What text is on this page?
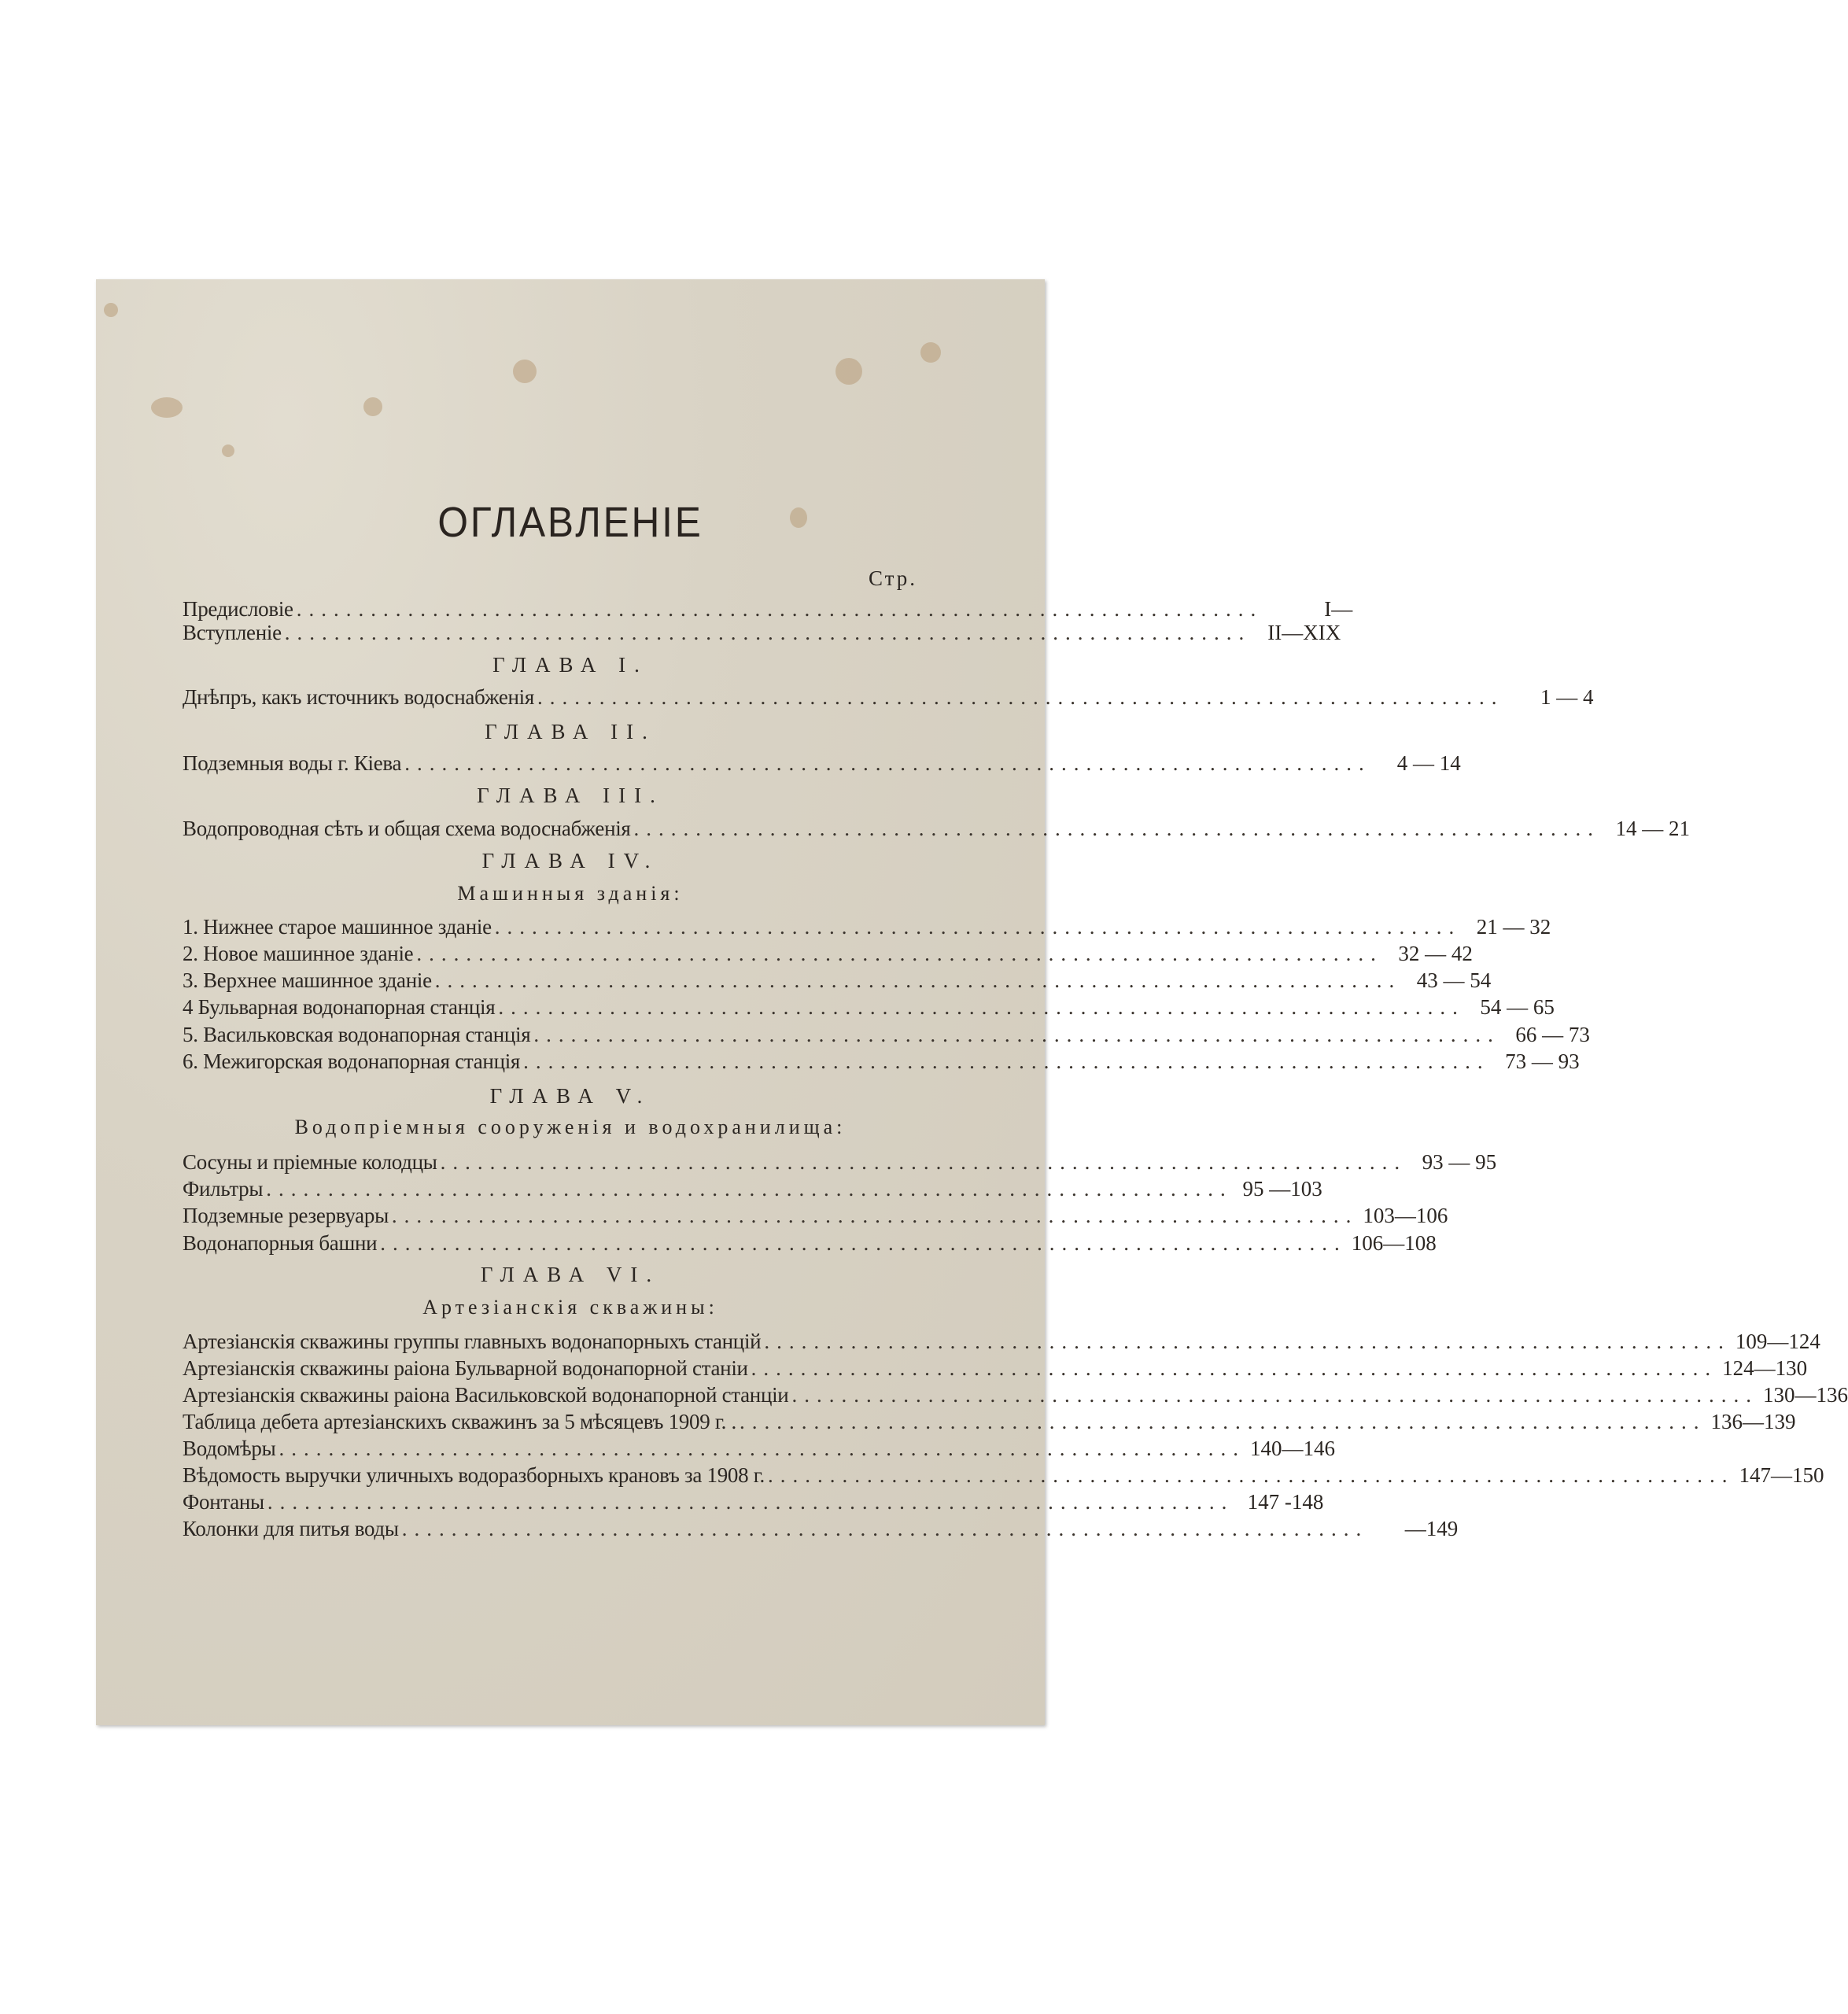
ОГЛАВЛЕНІЕ
Стр.
Предисловіе ..............................................................................	I—
Вступленіе .............................................................................. II—XIX
ГЛАВА I.
Днѣпръ, какъ источникъ водоснабженія ..............................................................................	1 — 4
ГЛАВА II.
Подземныя воды г. Кіева ..............................................................................	4 — 14
ГЛАВА III.
Водопроводная сѣть и общая схема водоснабженія .............................................................................. 14 — 21
ГЛАВА IV.
Машинныя зданія:
1. Нижнее старое машинное зданіе .............................................................................. 21 — 32
2. Новое машинное зданіе .............................................................................. 32 — 42
3. Верхнее машинное зданіе .............................................................................. 43 — 54
4 Бульварная водонапорная станція .............................................................................. 54 — 65
5. Васильковская водонапорная станція .............................................................................. 66 — 73
6. Межигорская водонапорная станція .............................................................................. 73 — 93
ГЛАВА V.
Водопріемныя сооруженія и водохранилища:
Сосуны и пріемные колодцы .............................................................................. 93 — 95
Фильтры .............................................................................. 95 —103
Подземные резервуары .............................................................................. 103—106
Водонапорныя башни .............................................................................. 106—108
ГЛАВА VI.
Артезіанскія скважины:
Артезіанскія скважины группы главныхъ водонапорныхъ станцій .............................................................................. 109—124
Артезіанскія скважины раіона Бульварной водонапорной станіи .............................................................................. 124—130
Артезіанскія скважины раіона Васильковской водонапорной станціи .............................................................................. 130—136
Таблица дебета артезіанскихъ скважинъ за 5 мѣсяцевъ 1909 г. . .............................................................................. 136—139
Водомѣры .............................................................................. 140—146
Вѣдомость выручки уличныхъ водоразборныхъ крановъ за 1908 г. .............................................................................. 147—150
Фонтаны .............................................................................. 147 -148
Колонки для питья воды ..............................................................................	—149
